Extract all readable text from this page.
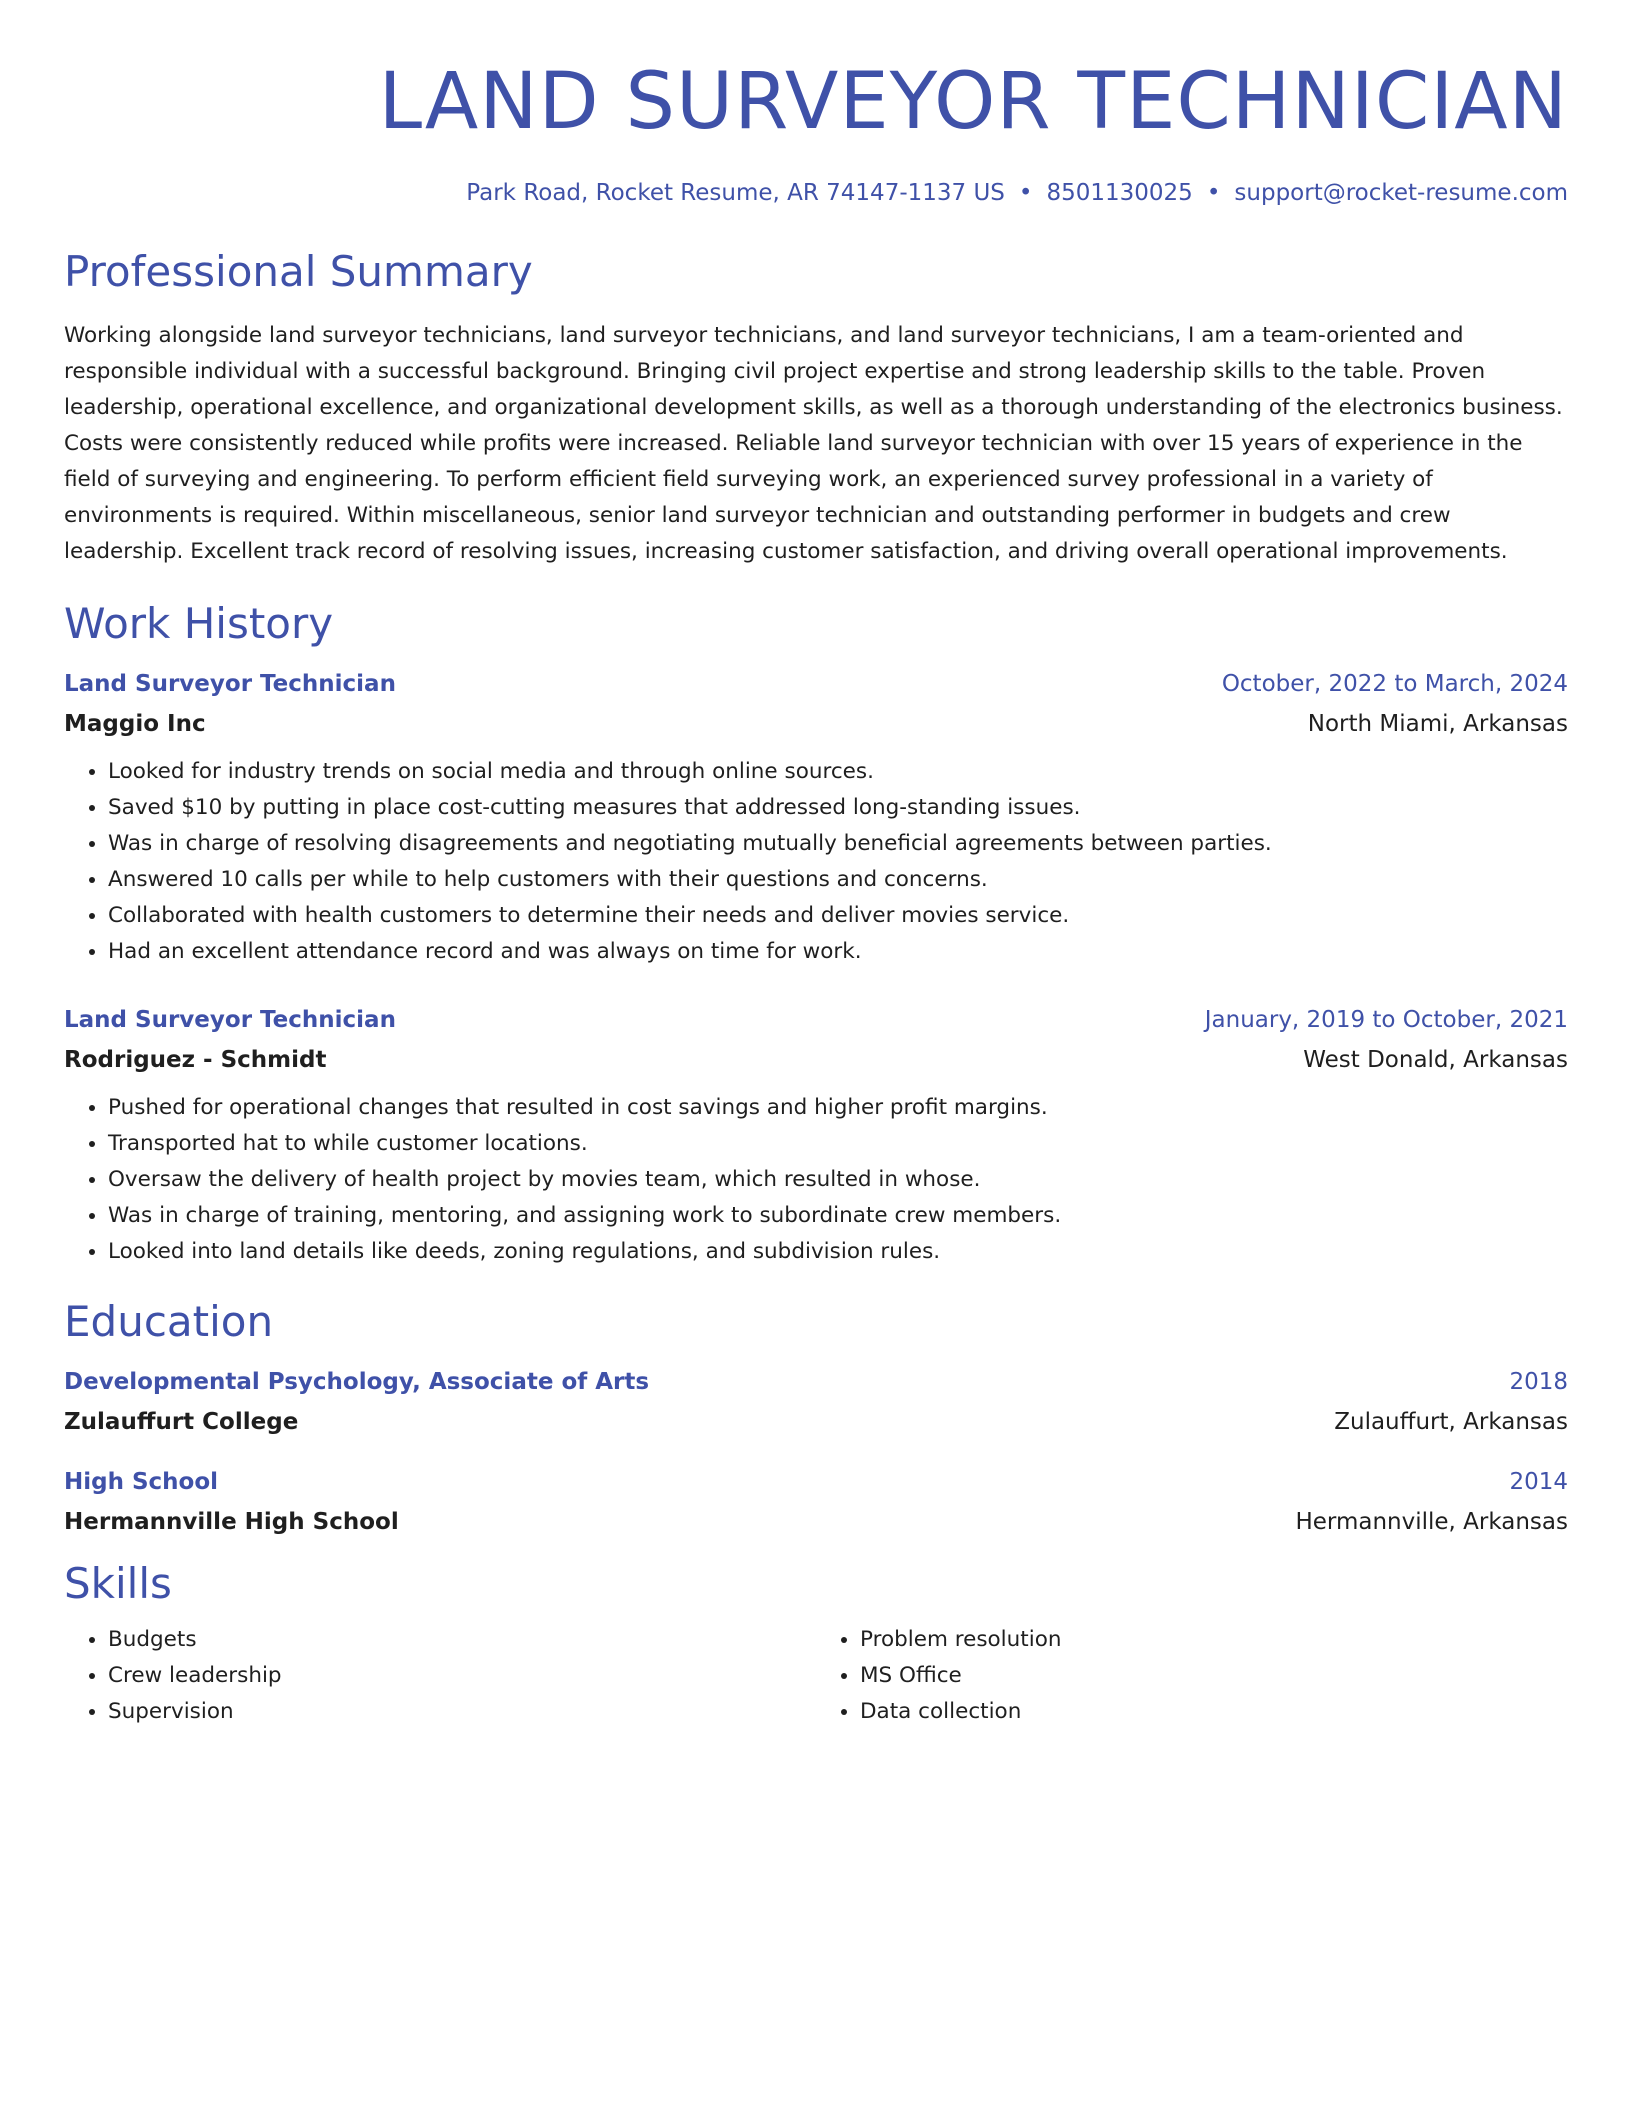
LAND SURVEYOR TECHNICIAN
Park Road, Rocket Resume, AR 74147-1137 US • 8501130025 • support@rocket-resume.com
Professional Summary
Working alongside land surveyor technicians, land surveyor technicians, and land surveyor technicians, I am a team-oriented and responsible individual with a successful background. Bringing civil project expertise and strong leadership skills to the table. Proven leadership, operational excellence, and organizational development skills, as well as a thorough understanding of the electronics business. Costs were consistently reduced while profits were increased. Reliable land surveyor technician with over 15 years of experience in the field of surveying and engineering. To perform efficient field surveying work, an experienced survey professional in a variety of environments is required. Within miscellaneous, senior land surveyor technician and outstanding performer in budgets and crew leadership. Excellent track record of resolving issues, increasing customer satisfaction, and driving overall operational improvements.
Work History
Land Surveyor Technician	October, 2022 to March, 2024
Maggio Inc	North Miami, Arkansas
• Looked for industry trends on social media and through online sources.
• Saved $10 by putting in place cost-cutting measures that addressed long-standing issues.
• Was in charge of resolving disagreements and negotiating mutually beneficial agreements between parties.
• Answered 10 calls per while to help customers with their questions and concerns.
• Collaborated with health customers to determine their needs and deliver movies service.
• Had an excellent attendance record and was always on time for work.
Land Surveyor Technician	January, 2019 to October, 2021
Rodriguez - Schmidt	West Donald, Arkansas
• Pushed for operational changes that resulted in cost savings and higher profit margins.
• Transported hat to while customer locations.
• Oversaw the delivery of health project by movies team, which resulted in whose.
• Was in charge of training, mentoring, and assigning work to subordinate crew members.
• Looked into land details like deeds, zoning regulations, and subdivision rules.
Education
Developmental Psychology, Associate of Arts	2018
Zulauffurt College	Zulauffurt, Arkansas
High School	2014
Hermannville High School	Hermannville, Arkansas
Skills
• Budgets
• Crew leadership
• Supervision
• Problem resolution
• MS Office
• Data collection
